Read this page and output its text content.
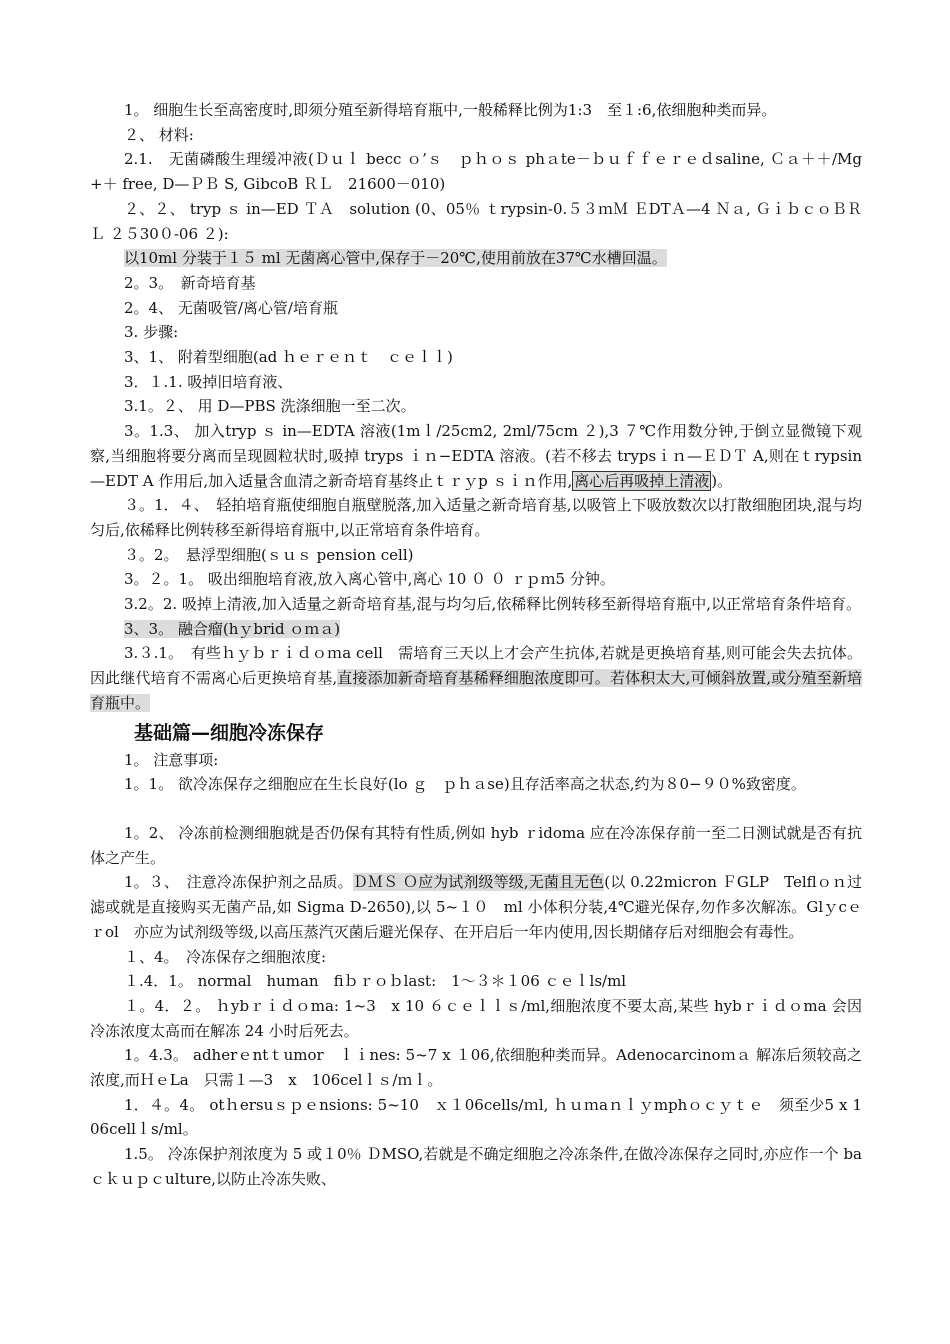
1。 细胞生长至高密度时,即须分殖至新得培育瓶中,一般稀释比例为1:3　至１:6,依细胞种类而异。

２、 材料:

2.1.　无菌磷酸生理缓冲液(Ｄｕｌ becc ｏ’ｓ　ｐｈｏｓ phａte－ｂｕｆｆｅｒｅｄsaline, Ｃａ＋＋/Mg+＋ free, D—ＰＢ S, GibcoB ＲＬ　21600－010)

２、２、 tryp ｓ in—ED ＴＡ　solution (0、05％ ｔrypsin-0.５３ｍＭ ＥDTＡ—4 Ｎａ, ＧｉｂｃｏＢＲＬ ２５30０-06 ２):

以10ml 分装于１５ ml 无菌离心管中,保存于－20℃,使用前放在37℃水槽回温。

2。3。　新奇培育基

2。4、 无菌吸管/离心管/培育瓶

3. 步骤:

3、1、 附着型细胞(ad ｈｅｒｅｎｔ　ｃｅｌｌ)

3．１.1. 吸掉旧培育液、

3.1。２、 用 D—PBS 洗涤细胞一至二次。

3。1.3、 加入tryp ｓ in—EDTA 溶液(1mｌ/25cm2, 2ml/75cm ２),3 ７℃作用数分钟,于倒立显微镜下观察,当细胞将要分离而呈现圆粒状时,吸掉 tryps ｉｎ−EDTA 溶液。(若不移去 trypsｉｎ—ＥＤＴ A,则在ｔrypsin—EDT A 作用后,加入适量含血清之新奇培育基终止ｔｒｙp ｓｉｎ作用, 离心后再吸掉上清液 )。

３。1．４、　轻拍培育瓶使细胞自瓶壁脱落,加入适量之新奇培育基,以吸管上下吸放数次以打散细胞团块,混与均匀后,依稀释比例转移至新得培育瓶中,以正常培育条件培育。

３。2。　悬浮型细胞(ｓｕｓ pension cell)

3。２。1。 吸出细胞培育液,放入离心管中,离心 10 ０ ０ ｒｐｍ5 分钟。

3.2。2. 吸掉上清液,加入适量之新奇培育基,混与均匀后,依稀释比例转移至新得培育瓶中,以正常培育条件培育。

3、3。 融合瘤(hｙbrid ｏｍａ)

3.３.1。　有些ｈｙｂｒｉｄｏｍa cell　需培育三天以上才会产生抗体,若就是更换培育基,则可能会失去抗体。因此继代培育不需离心后更换培育基,直接添加新奇培育基稀释细胞浓度即可。若体积太大,可倾斜放置,或分殖至新培育瓶中。

基础篇—细胞冷冻保存

1。 注意事项:

1。1。 欲冷冻保存之细胞应在生长良好(lo ｇ　ｐｈａse)且存活率高之状态,约为８0−９０%致密度。

1。2、 冷冻前检测细胞就是否仍保有其特有性质,例如 hyb ｒidoma 应在冷冻保存前一至二日测试就是否有抗体之产生。

1。３、　注意冷冻保护剂之品质。ＤＭＳ Ｏ应为试剂级等级,无菌且无色(以 0.22micron ＦGLP　Telflｏｎ过滤或就是直接购买无菌产品,如 Sigma D-2650),以 5~１０　ml 小体积分装,4℃避光保存,勿作多次解冻。Glｙcｅｒol　亦应为试剂级等级,以高压蒸汽灭菌后避光保存、在开启后一年内使用,因长期储存后对细胞会有毒性。

１、4。　冷冻保存之细胞浓度:

１.4．1。 normal　human　fiｂｒｏｂlast:　1～３＊１06 ｃｅｌls/ml

１。4．２。 ｈybｒｉｄｏma: 1~3　x 10 ６ｃｅｌｌｓ/ml,细胞浓度不要太高,某些 hybｒｉｄｏma 会因冷冻浓度太高而在解冻 24 小时后死去。

1。4.3。 adherｅntｔumor　ｌｉnes: 5~7 x １06,依细胞种类而异。Adenocarcinoｍａ 解冻后须较高之浓度,而ＨｅLa　只需１—3　x　106celｌｓ/ｍｌ。

1．４。4。 otｈersuｓｐｅnsions: 5~10　ｘ１06cells/ｍl, ｈｕｍaｎｌｙmphｏｃｙｔｅ　须至少5 x 106cellｌs/ml。

1.5。 冷冻保护剂浓度为 5 或１0％ ＤMSO,若就是不确定细胞之冷冻条件,在做冷冻保存之同时,亦应作一个 baｃｋｕｐｃulture,以防止冷冻失败、
